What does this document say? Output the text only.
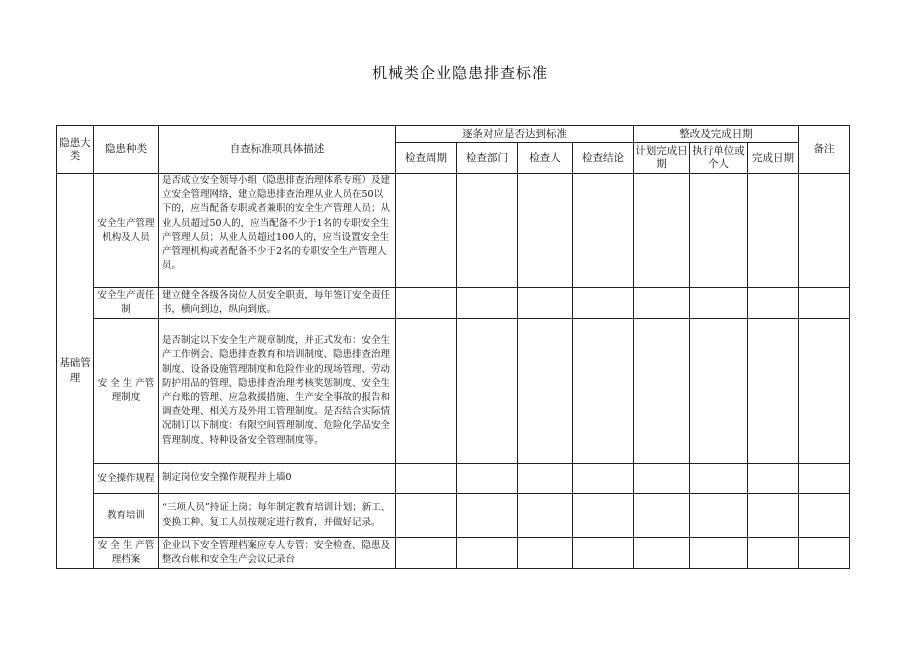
机械类企业隐患排查标准
隐患大类	隐患种类	自查标准项具体描述	逐条对应是否达到标准				整改及完成日期			备注
			检查周期	检查部门	检查人	检查结论	计划完成日期	执行单位或个人	完成日期	
基础管理	安全生产管理机构及人员	是否成立安全领导小组（隐患排查治理体系专班）及建立安全管理网络，建立隐患排查治理从业人员在50以下的，应当配备专职或者兼职的安全生产管理人员；从业人员超过50人的，应当配备不少于1名的专职安全生产管理人员；从业人员超过100人的，应当设置安全生产管理机构或者配备不少于2名的专职安全生产管理人员。								
	安全生产责任制	建立健全各级各岗位人员安全职责，每年签订安全责任书，横向到边，纵向到底。								
	安 全 生 产管理制度	是否制定以下安全生产规章制度，并正式发布：安全生产工作例会、隐患排查教育和培训制度、隐患排查治理制度、设备设施管理制度和危险作业的现场管理、劳动防护用品的管理、隐患排查治理考核奖惩制度、安全生产台账的管理、应急救援措施、生产安全事故的报告和调查处理、相关方及外用工管理制度。是否结合实际情况制订以下制度：有限空间管理制度、危险化学品安全管理制度、特种设备安全管理制度等。								
	安全操作规程	制定岗位安全操作规程并上墙0								
	教育培训	“三项人员”持证上岗；每年制定教育培训计划；新工、变换工种、复工人员按规定进行教育，并做好记录。								
	安 全 生 产管理档案	企业以下安全管理档案应专人专管：安全检查、隐患及整改台帐和安全生产会议记录台								
